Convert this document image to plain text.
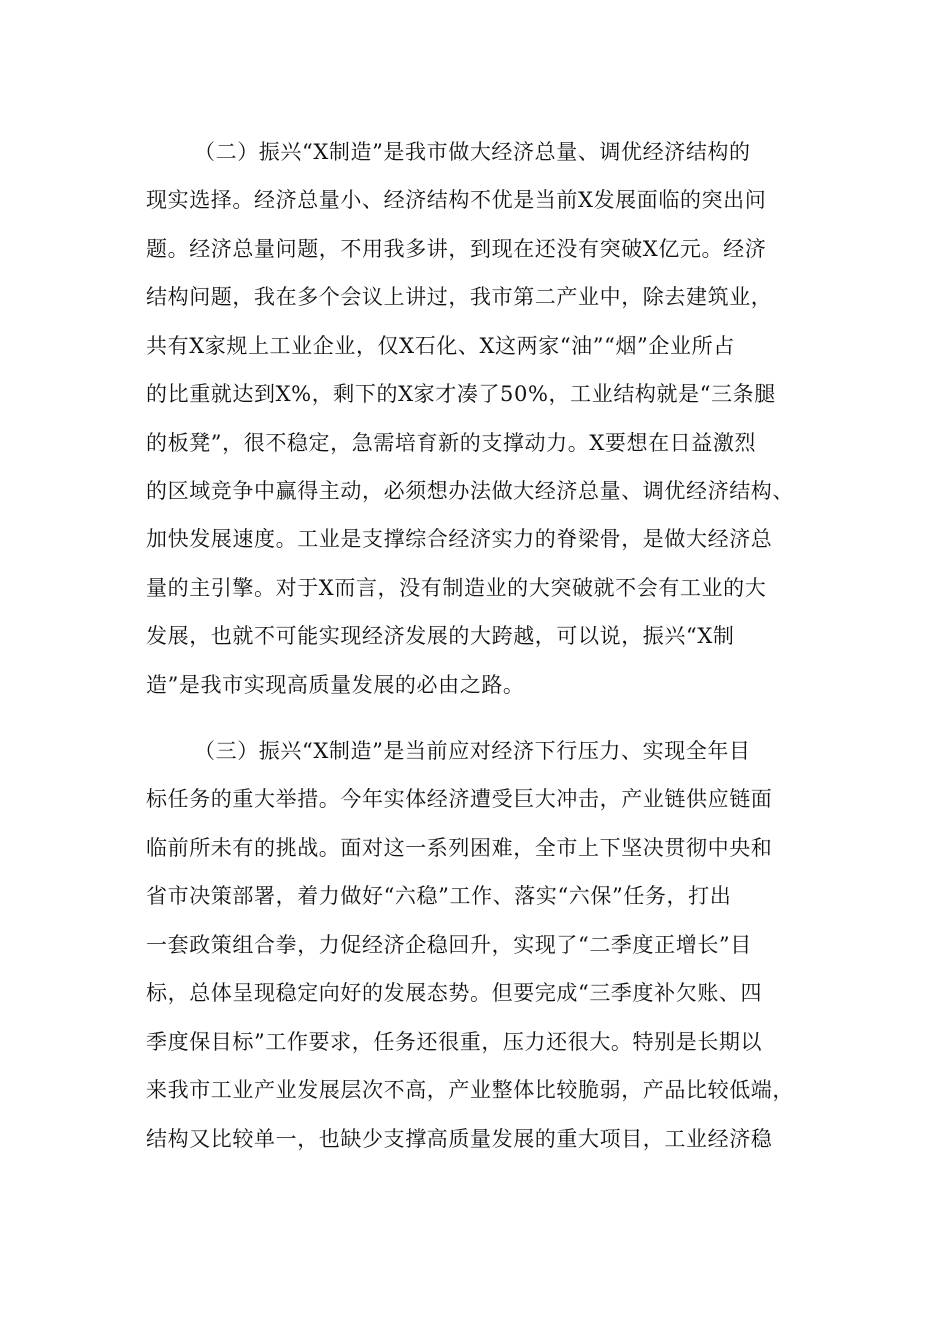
（二）振兴“X制造”是我市做大经济总量、调优经济结构的

现实选择。经济总量小、经济结构不优是当前X发展面临的突出问

题。经济总量问题，不用我多讲，到现在还没有突破X亿元。经济

结构问题，我在多个会议上讲过，我市第二产业中，除去建筑业，

共有X家规上工业企业，仅X石化、X这两家“油”“烟”企业所占

的比重就达到X%，剩下的X家才凑了50%，工业结构就是“三条腿

的板凳”，很不稳定，急需培育新的支撑动力。X要想在日益激烈

的区域竞争中赢得主动，必须想办法做大经济总量、调优经济结构、

加快发展速度。工业是支撑综合经济实力的脊梁骨，是做大经济总

量的主引擎。对于X而言，没有制造业的大突破就不会有工业的大

发展，也就不可能实现经济发展的大跨越，可以说，振兴“X制

造”是我市实现高质量发展的必由之路。

（三）振兴“X制造”是当前应对经济下行压力、实现全年目

标任务的重大举措。今年实体经济遭受巨大冲击，产业链供应链面

临前所未有的挑战。面对这一系列困难，全市上下坚决贯彻中央和

省市决策部署，着力做好“六稳”工作、落实“六保”任务，打出

一套政策组合拳，力促经济企稳回升，实现了“二季度正增长”目

标，总体呈现稳定向好的发展态势。但要完成“三季度补欠账、四

季度保目标”工作要求，任务还很重，压力还很大。特别是长期以

来我市工业产业发展层次不高，产业整体比较脆弱，产品比较低端，

结构又比较单一，也缺少支撑高质量发展的重大项目，工业经济稳
